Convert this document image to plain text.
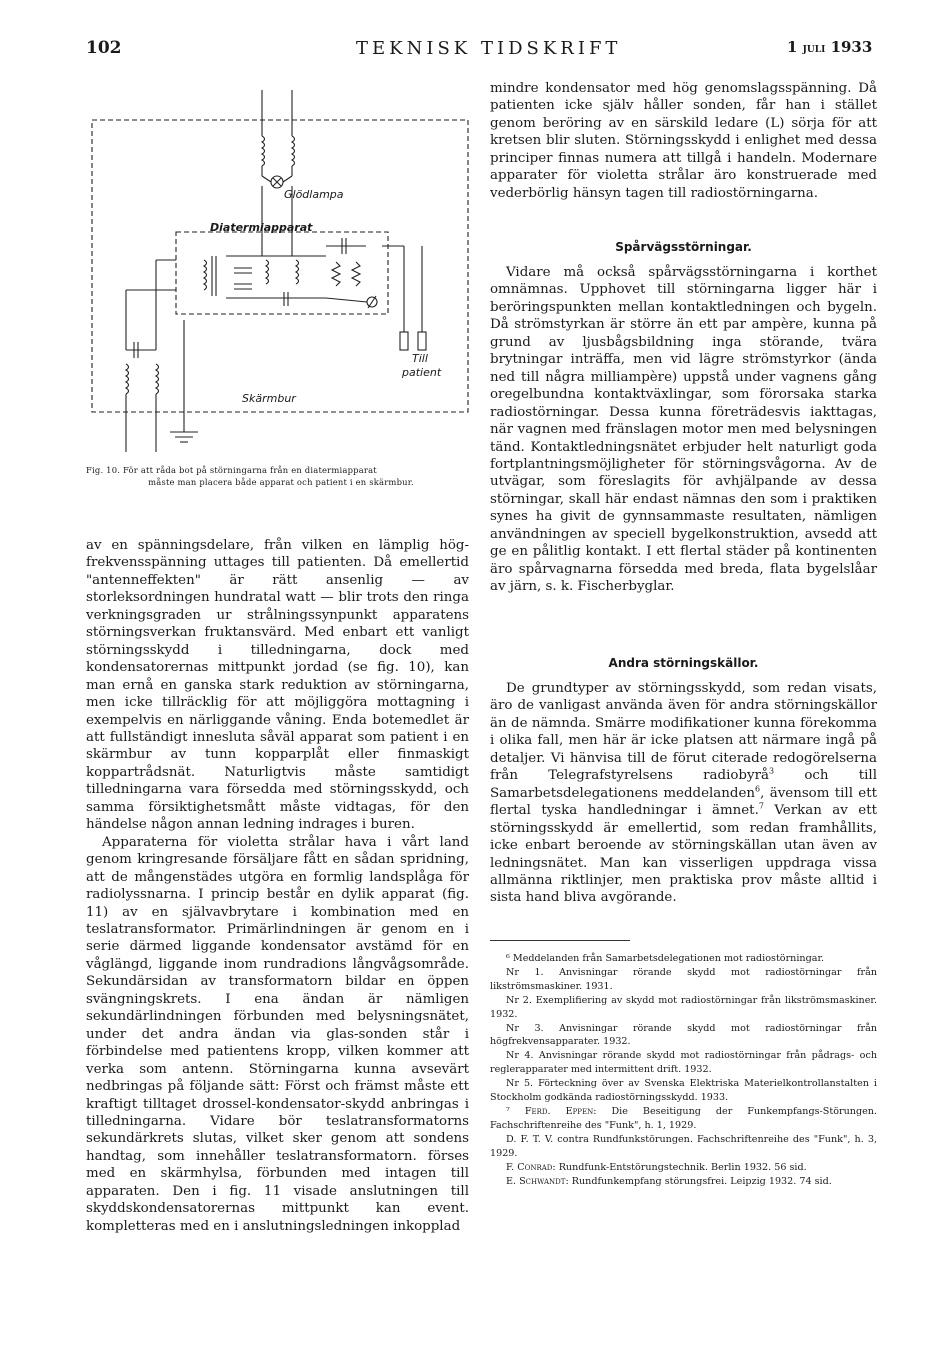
102	TEKNISK TIDSKRIFT	1 juli 1933
Glödlampa
Diatermiapparat
Till
patient
Skärmbur
Fig. 10. För att råda bot på störningarna från en diatermiapparat
måste man placera både apparat och patient i en skärmbur.

av en spänningsdelare, från vilken en lämplig hög-frekvensspänning uttages till patienten. Då emellertid "antenneffekten" är rätt ansenlig — av storleksordningen hundratal watt — blir trots den ringa verkningsgraden ur strålningssynpunkt apparatens störningsverkan fruktansvärd. Med enbart ett vanligt störningsskydd i tilledningarna, dock med kondensatorernas mittpunkt jordad (se fig. 10), kan man ernå en ganska stark reduktion av störningarna, men icke tillräcklig för att möjliggöra mottagning i exempelvis en närliggande våning. Enda botemedlet är att fullständigt innesluta såväl apparat som patient i en skärmbur av tunn kopparplåt eller finmaskigt koppartrådsnät. Naturligtvis måste samtidigt tilledningarna vara försedda med störningsskydd, och samma försiktighetsmått måste vidtagas, för den händelse någon annan ledning indrages i buren.

Apparaterna för violetta strålar hava i vårt land genom kringresande försäljare fått en sådan spridning, att de mångenstädes utgöra en formlig landsplåga för radiolyssnarna. I princip består en dylik apparat (fig. 11) av en självavbrytare i kombination med en teslatransformator. Primärlindningen är genom en i serie därmed liggande kondensator avstämd för en våglängd, liggande inom rundradions långvågsområde. Sekundärsidan av transformatorn bildar en öppen svängningskrets. I ena ändan är nämligen sekundärlindningen förbunden med belysningsnätet, under det andra ändan via glas-sonden står i förbindelse med patientens kropp, vilken kommer att verka som antenn. Störningarna kunna avsevärt nedbringas på följande sätt: Först och främst måste ett kraftigt tilltaget drossel-kondensator-skydd anbringas i tilledningarna. Vidare bör teslatransformatorns sekundärkrets slutas, vilket sker genom att sondens handtag, som innehåller teslatransformatorn. förses med en skärmhylsa, förbunden med intagen till apparaten. Den i fig. 11 visade anslutningen till skyddskondensatorernas mittpunkt kan event. kompletteras med en i anslutningsledningen inkopplad

mindre kondensator med hög genomslagsspänning. Då patienten icke själv håller sonden, får han i stället genom beröring av en särskild ledare (L) sörja för att kretsen blir sluten. Störningsskydd i enlighet med dessa principer finnas numera att tillgå i handeln. Modernare apparater för violetta strålar äro konstruerade med vederbörlig hänsyn tagen till radiostörningarna.

Spårvägsstörningar.

Vidare må också spårvägsstörningarna i korthet omnämnas. Upphovet till störningarna ligger här i beröringspunkten mellan kontaktledningen och bygeln. Då strömstyrkan är större än ett par ampère, kunna på grund av ljusbågsbildning inga störande, tvära brytningar inträffa, men vid lägre strömstyrkor (ända ned till några milliampère) uppstå under vagnens gång oregelbundna kontaktväxlingar, som förorsaka starka radiostörningar. Dessa kunna företrädesvis iakttagas, när vagnen med fränslagen motor men med belysningen tänd. Kontaktledningsnätet erbjuder helt naturligt goda fortplantningsmöjligheter för störningsvågorna. Av de utvägar, som föreslagits för avhjälpande av dessa störningar, skall här endast nämnas den som i praktiken synes ha givit de gynnsammaste resultaten, nämligen användningen av speciell bygelkonstruktion, avsedd att ge en pålitlig kontakt. I ett flertal städer på kontinenten äro spårvagnarna försedda med breda, flata bygelslåar av järn, s. k. Fischerbyglar.

Andra störningskällor.

De grundtyper av störningsskydd, som redan visats, äro de vanligast använda även för andra störningskällor än de nämnda. Smärre modifikationer kunna förekomma i olika fall, men här är icke platsen att närmare ingå på detaljer. Vi hänvisa till de förut citerade redogörelserna från Telegrafstyrelsens radiobyrå$^3$ och till Samarbetsdelegationens meddelanden$^6$, ävensom till ett flertal tyska handledningar i ämnet.$^7$ Verkan av ett störningsskydd är emellertid, som redan framhållits, icke enbart beroende av störningskällan utan även av ledningsnätet. Man kan visserligen uppdraga vissa allmänna riktlinjer, men praktiska prov måste alltid i sista hand bliva avgörande.

⁶ Meddelanden från Samarbetsdelegationen mot radiostörningar.

Nr 1. Anvisningar rörande skydd mot radiostörningar från likströmsmaskiner. 1931.

Nr 2. Exemplifiering av skydd mot radiostörningar från likströmsmaskiner. 1932.

Nr 3. Anvisningar rörande skydd mot radiostörningar från högfrekvensapparater. 1932.

Nr 4. Anvisningar rörande skydd mot radiostörningar från pådrags- och reglerapparater med intermittent drift. 1932.

Nr 5. Förteckning över av Svenska Elektriska Materielkontrollanstalten i Stockholm godkända radiostörningsskydd. 1933.

⁷ Ferd. Eppen: Die Beseitigung der Funkempfangs-Störungen. Fachschriftenreihe des "Funk", h. 1, 1929.

D. F. T. V. contra Rundfunkstörungen. Fachschriftenreihe des "Funk", h. 3, 1929.

F. Conrad: Rundfunk-Entstörungstechnik. Berlin 1932. 56 sid.

E. Schwandt: Rundfunkempfang störungsfrei. Leipzig 1932. 74 sid.
